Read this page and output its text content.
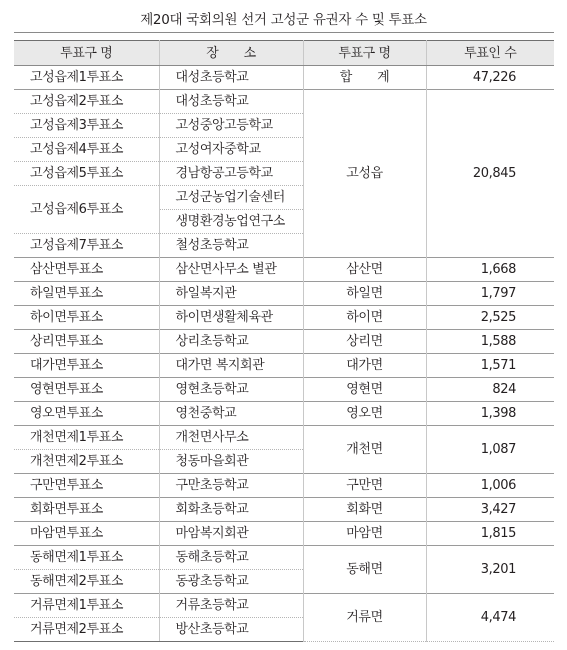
제20대 국회의원 선거 고성군 유권자 수 및 투표소
투표구 명	장　　소	투표구 명	투표인 수
고성읍제1투표소	대성초등학교	합　　계	47,226
고성읍제2투표소	대성초등학교	고성읍	20,845
고성읍제3투표소	고성중앙고등학교		
고성읍제4투표소	고성여자중학교		
고성읍제5투표소	경남항공고등학교		
고성읍제6투표소	고성군농업기술센터		
	생명환경농업연구소		
고성읍제7투표소	철성초등학교		
삼산면투표소	삼산면사무소 별관	삼산면	1,668
하일면투표소	하일복지관	하일면	1,797
하이면투표소	하이면생활체육관	하이면	2,525
상리면투표소	상리초등학교	상리면	1,588
대가면투표소	대가면 복지회관	대가면	1,571
영현면투표소	영현초등학교	영현면	824
영오면투표소	영천중학교	영오면	1,398
개천면제1투표소	개천면사무소	개천면	1,087
개천면제2투표소	청동마을회관		
구만면투표소	구만초등학교	구만면	1,006
회화면투표소	회화초등학교	회화면	3,427
마암면투표소	마암복지회관	마암면	1,815
동해면제1투표소	동해초등학교	동해면	3,201
동해면제2투표소	동광초등학교		
거류면제1투표소	거류초등학교	거류면	4,474
거류면제2투표소	방산초등학교		
